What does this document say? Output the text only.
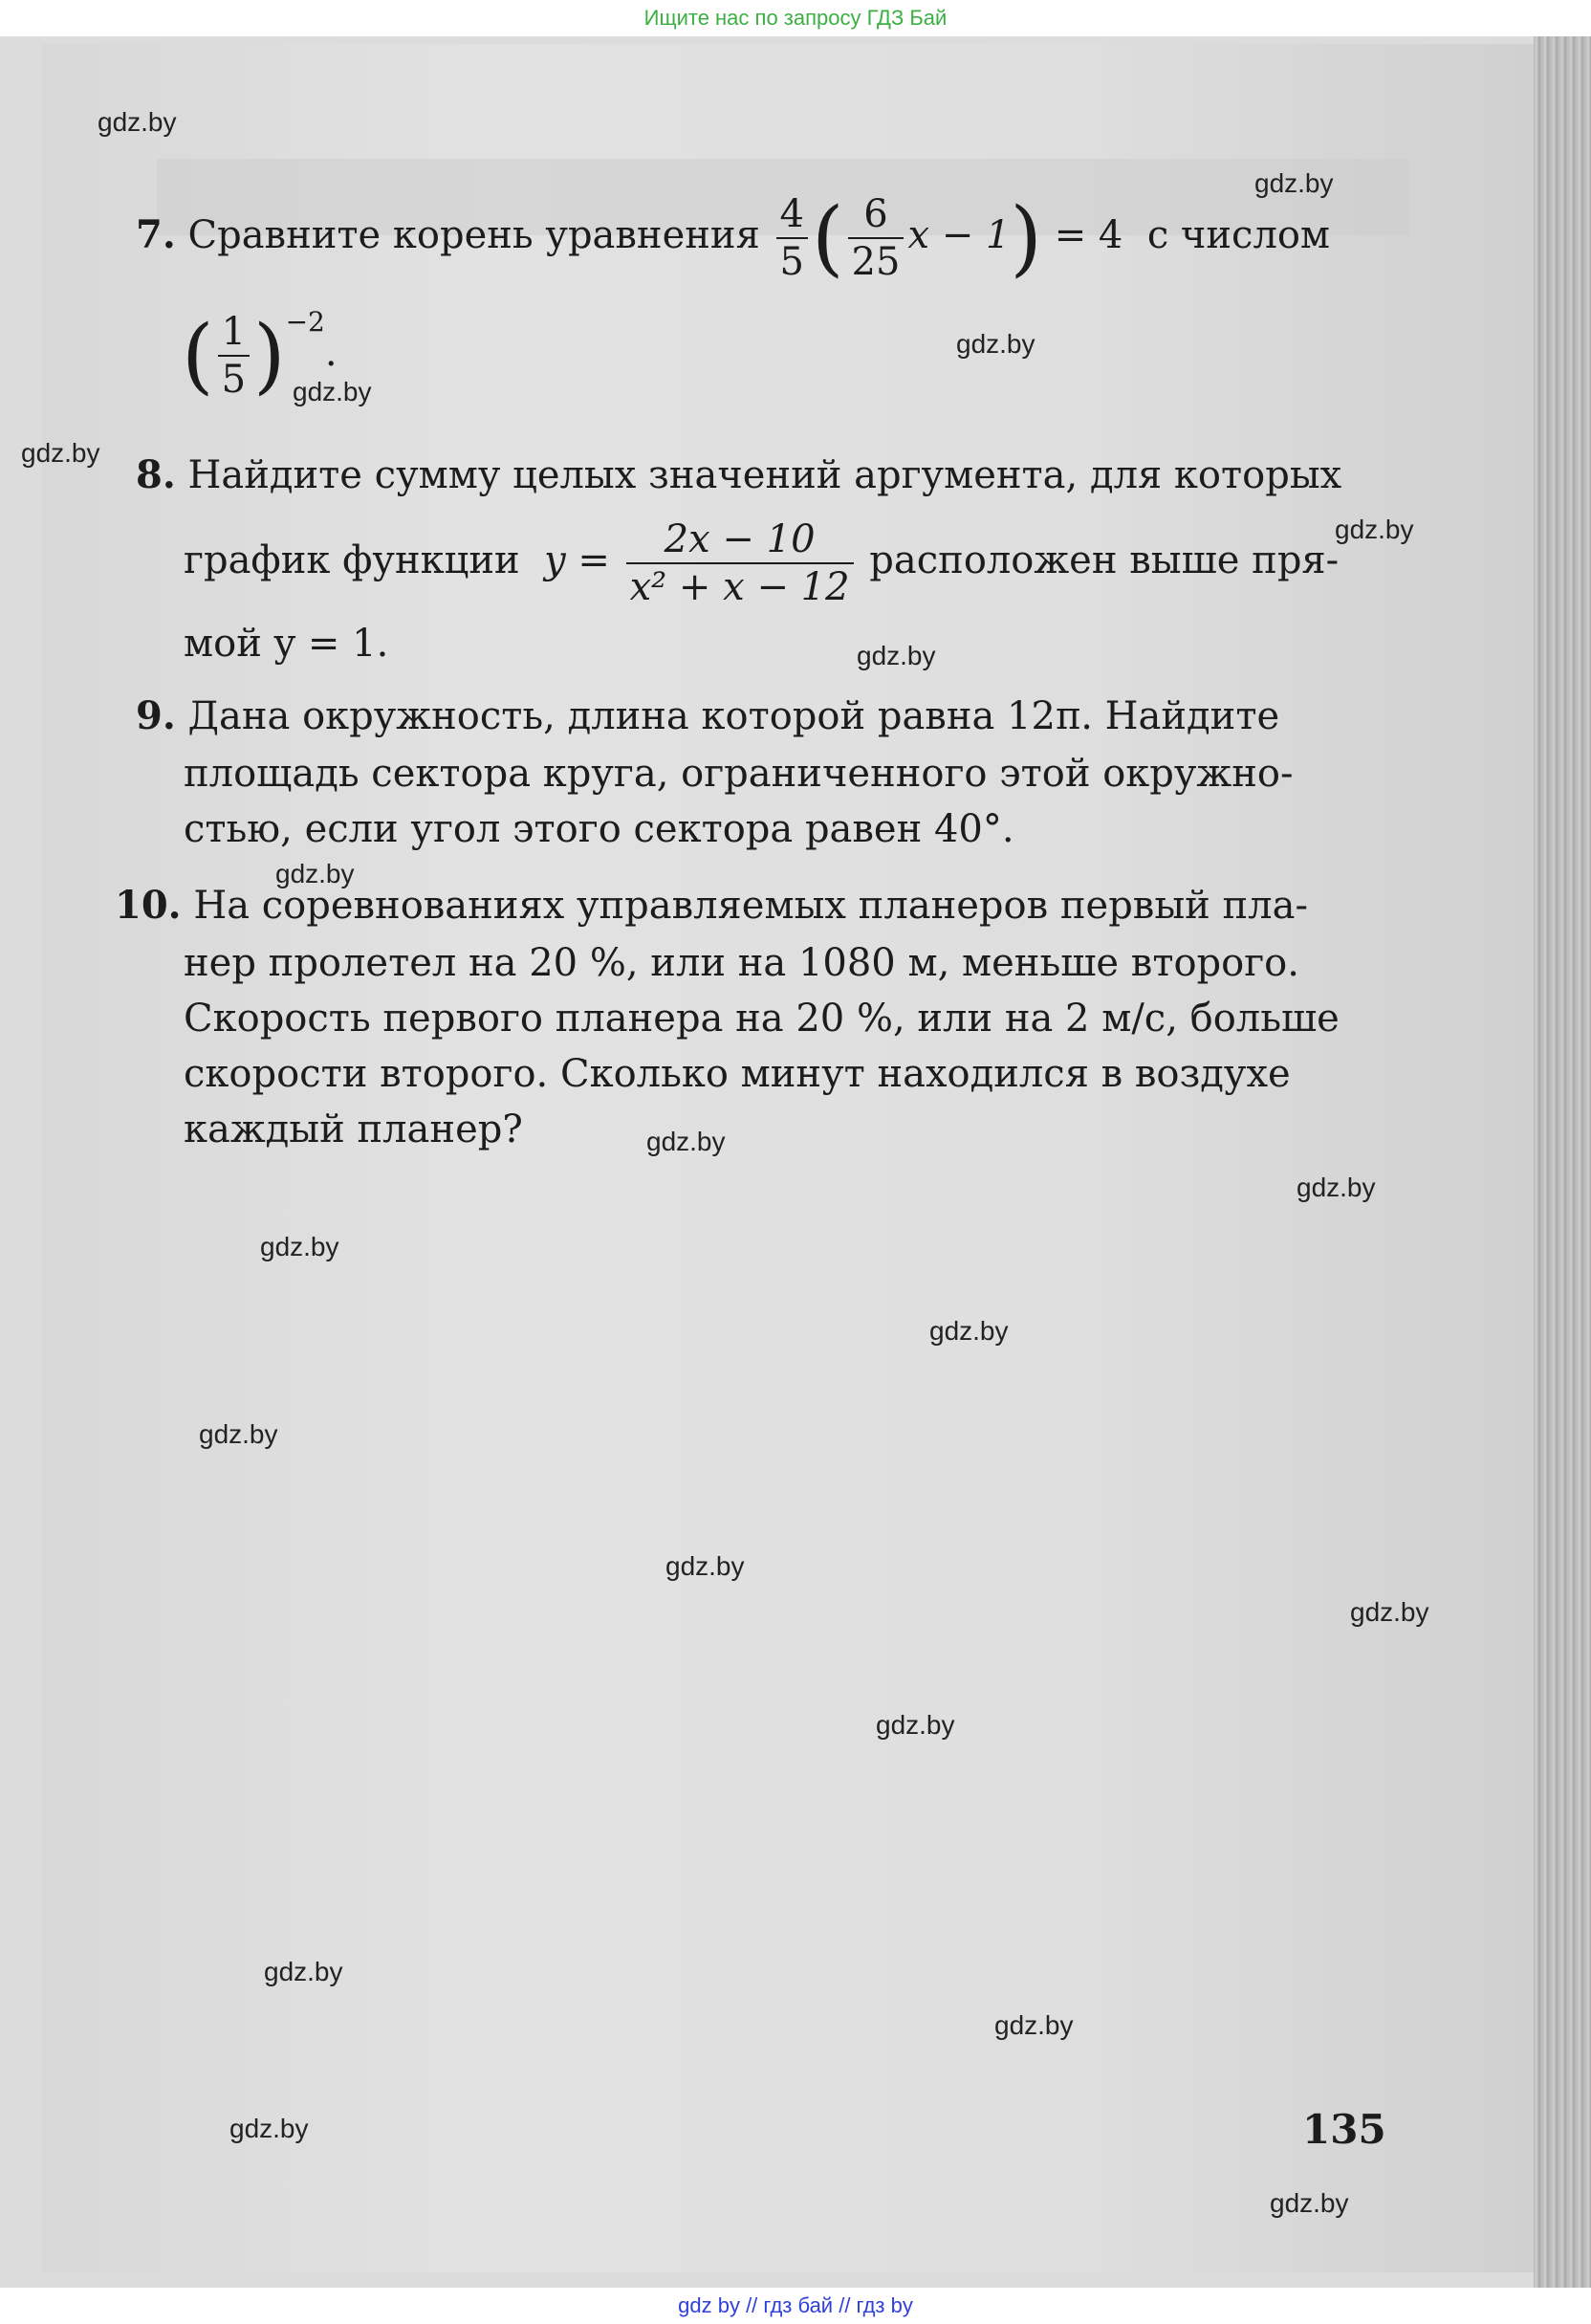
Ищите нас по запросу ГДЗ Бай
gdz.by
gdz.by
gdz.by
gdz.by
gdz.by
gdz.by
gdz.by
gdz.by
gdz.by
gdz.by
gdz.by
gdz.by
gdz.by
gdz.by
gdz.by
gdz.by
gdz.by
gdz.by
gdz.by
gdz.by
7. Сравните корень уравнения $\frac{4}{5}$ ( $\frac{6}{25}$ x − 1) = 4 с числом
( $\frac{1}{5} )^{-2}$.
8. Найдите сумму целых значений аргумента, для которых
график функции $y = \frac{2x - 10}{\text{x² + x − 12}}$ расположен выше пря-
мой y = 1.
9. Дана окружность, длина которой равна 12π. Найдите
площадь сектора круга, ограниченного этой окружно-
стью, если угол этого сектора равен 40°.
10. На соревнованиях управляемых планеров первый пла-
нер пролетел на 20 %, или на 1080 м, меньше второго.
Скорость первого планера на 20 %, или на 2 м/с, больше
скорости второго. Сколько минут находился в воздухе
каждый планер?
135
gdz by // гдз бай // гдз by
